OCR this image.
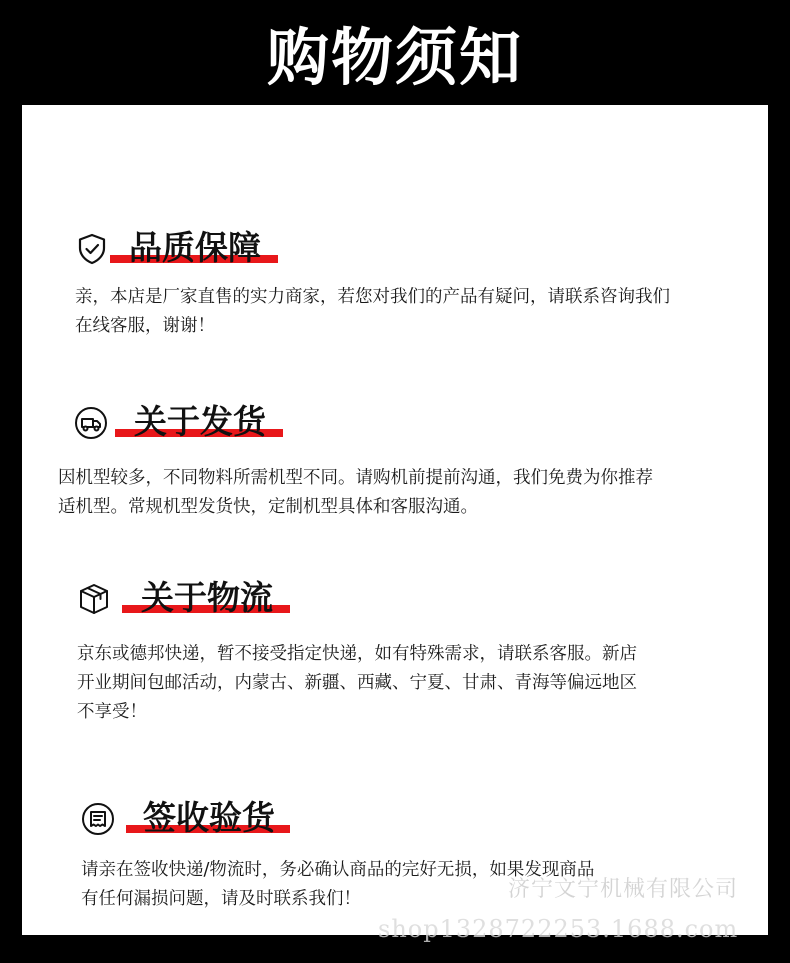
购物须知
品质保障

亲，本店是厂家直售的实力商家，若您对我们的产品有疑问，请联系咨询我们
在线客服，谢谢！

关于发货

因机型较多，不同物料所需机型不同。请购机前提前沟通，我们免费为你推荐
适机型。常规机型发货快，定制机型具体和客服沟通。

关于物流

京东或德邦快递，暂不接受指定快递，如有特殊需求，请联系客服。新店
开业期间包邮活动，内蒙古、新疆、西藏、宁夏、甘肃、青海等偏远地区
不享受！

签收验货

请亲在签收快递/物流时，务必确认商品的完好无损，如果发现商品
有任何漏损问题，请及时联系我们！	济宁文宁机械有限公司
shop1328722253.1688.com
